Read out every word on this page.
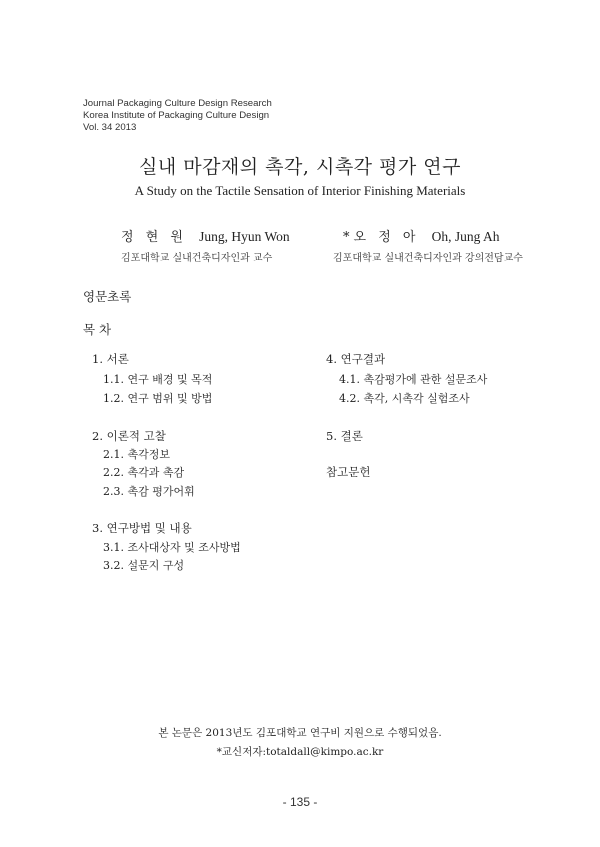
Journal Packaging Culture Design Research
Korea Institute of Packaging Culture Design
Vol. 34 2013
실내 마감재의 촉각, 시촉각 평가 연구
A Study on the Tactile Sensation of Interior Finishing Materials
정 현 원 Jung, Hyun Won	*오 정 아 Oh, Jung Ah
김포대학교 실내건축디자인과 교수	김포대학교 실내건축디자인과 강의전담교수
영문초록
목 차
1. 서론
1.1. 연구 배경 및 목적
1.2. 연구 범위 및 방법
2. 이론적 고찰
2.1. 촉각정보
2.2. 촉각과 촉감
2.3. 촉감 평가어휘
3. 연구방법 및 내용
3.1. 조사대상자 및 조사방법
3.2. 설문지 구성
4. 연구결과
4.1. 촉감평가에 관한 설문조사
4.2. 촉각, 시촉각 실험조사
5. 결론
참고문헌
본 논문은 2013년도 김포대학교 연구비 지원으로 수행되었음.
*교신저자:totaldall@kimpo.ac.kr
- 135 -
